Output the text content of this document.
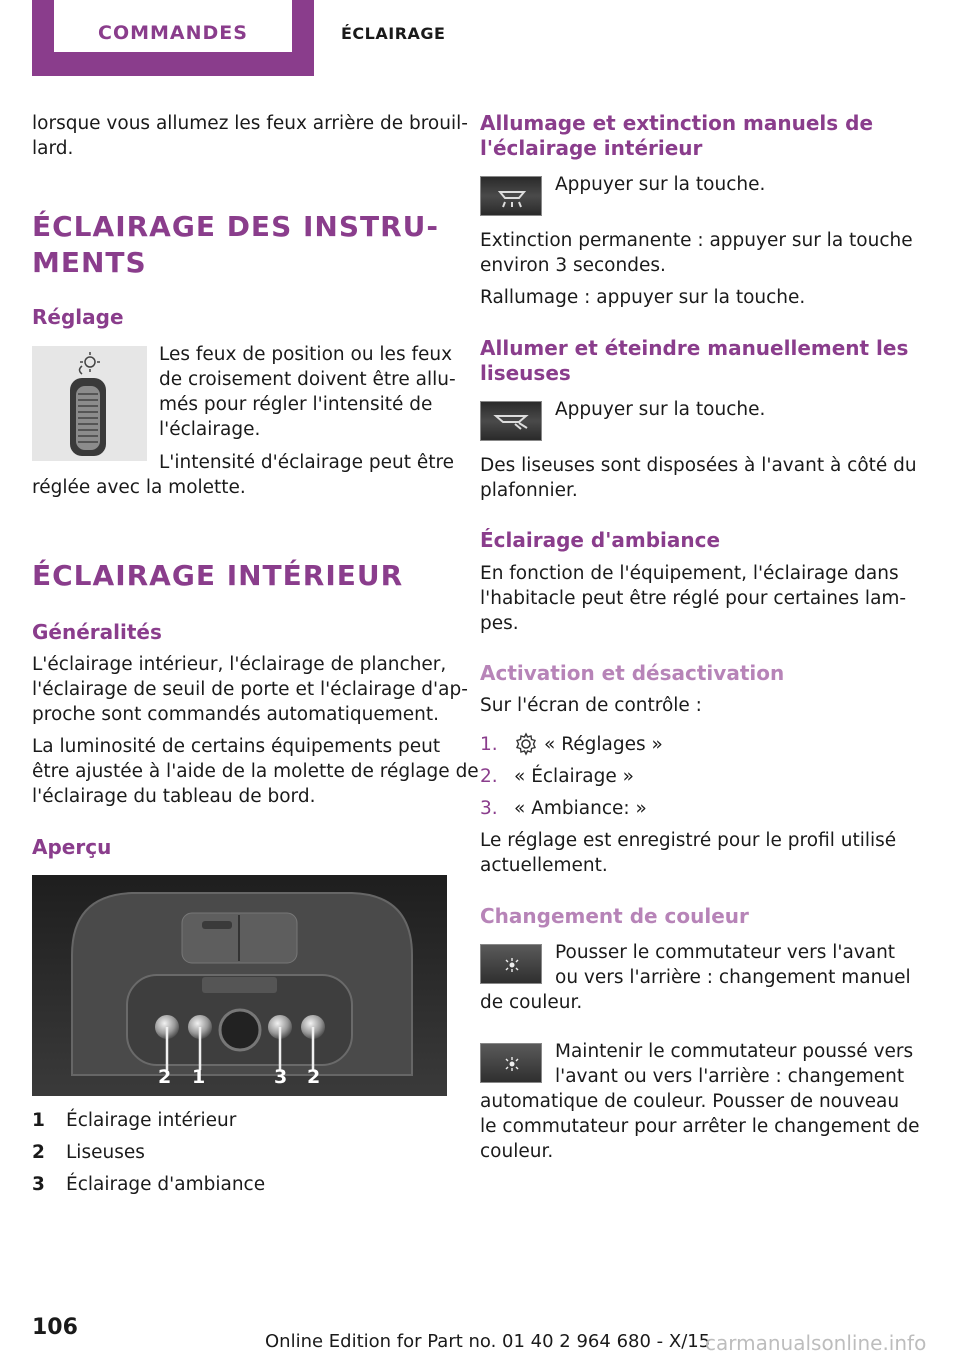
COMMANDES	ÉCLAIRAGE

lorsque vous allumez les feux arrière de brouil‐
lard.

ÉCLAIRAGE DES INSTRU‐
MENTS
Réglage

Les feux de position ou les feux
de croisement doivent être allu‐
més pour régler l'intensité de
l'éclairage.

L'intensité d'éclairage peut être

réglée avec la molette.

ÉCLAIRAGE INTÉRIEUR
Généralités

L'éclairage intérieur, l'éclairage de plancher,
l'éclairage de seuil de porte et l'éclairage d'ap‐
proche sont commandés automatiquement.

La luminosité de certains équipements peut
être ajustée à l'aide de la molette de réglage de
l'éclairage du tableau de bord.

Aperçu
2 1	3 2
1 Éclairage intérieur
2 Liseuses
3 Éclairage d'ambiance
Allumage et extinction manuels de
l'éclairage intérieur

Appuyer sur la touche.

Extinction permanente : appuyer sur la touche
environ 3 secondes.

Rallumage : appuyer sur la touche.

Allumer et éteindre manuellement les
liseuses

Appuyer sur la touche.

Des liseuses sont disposées à l'avant à côté du
plafonnier.

Éclairage d'ambiance

En fonction de l'équipement, l'éclairage dans
l'habitacle peut être réglé pour certaines lam‐
pes.

Activation et désactivation

Sur l'écran de contrôle :

1.	« Réglages »
2. « Éclairage »
3. « Ambiance: »

Le réglage est enregistré pour le profil utilisé
actuellement.

Changement de couleur

Pousser le commutateur vers l'avant
ou vers l'arrière : changement manuel

de couleur.

Maintenir le commutateur poussé vers
l'avant ou vers l'arrière : changement

automatique de couleur. Pousser de nouveau
le commutateur pour arrêter le changement de
couleur.

106
Online Edition for Part no. 01 40 2 964 680 - X/15
carmanualsonline.info
